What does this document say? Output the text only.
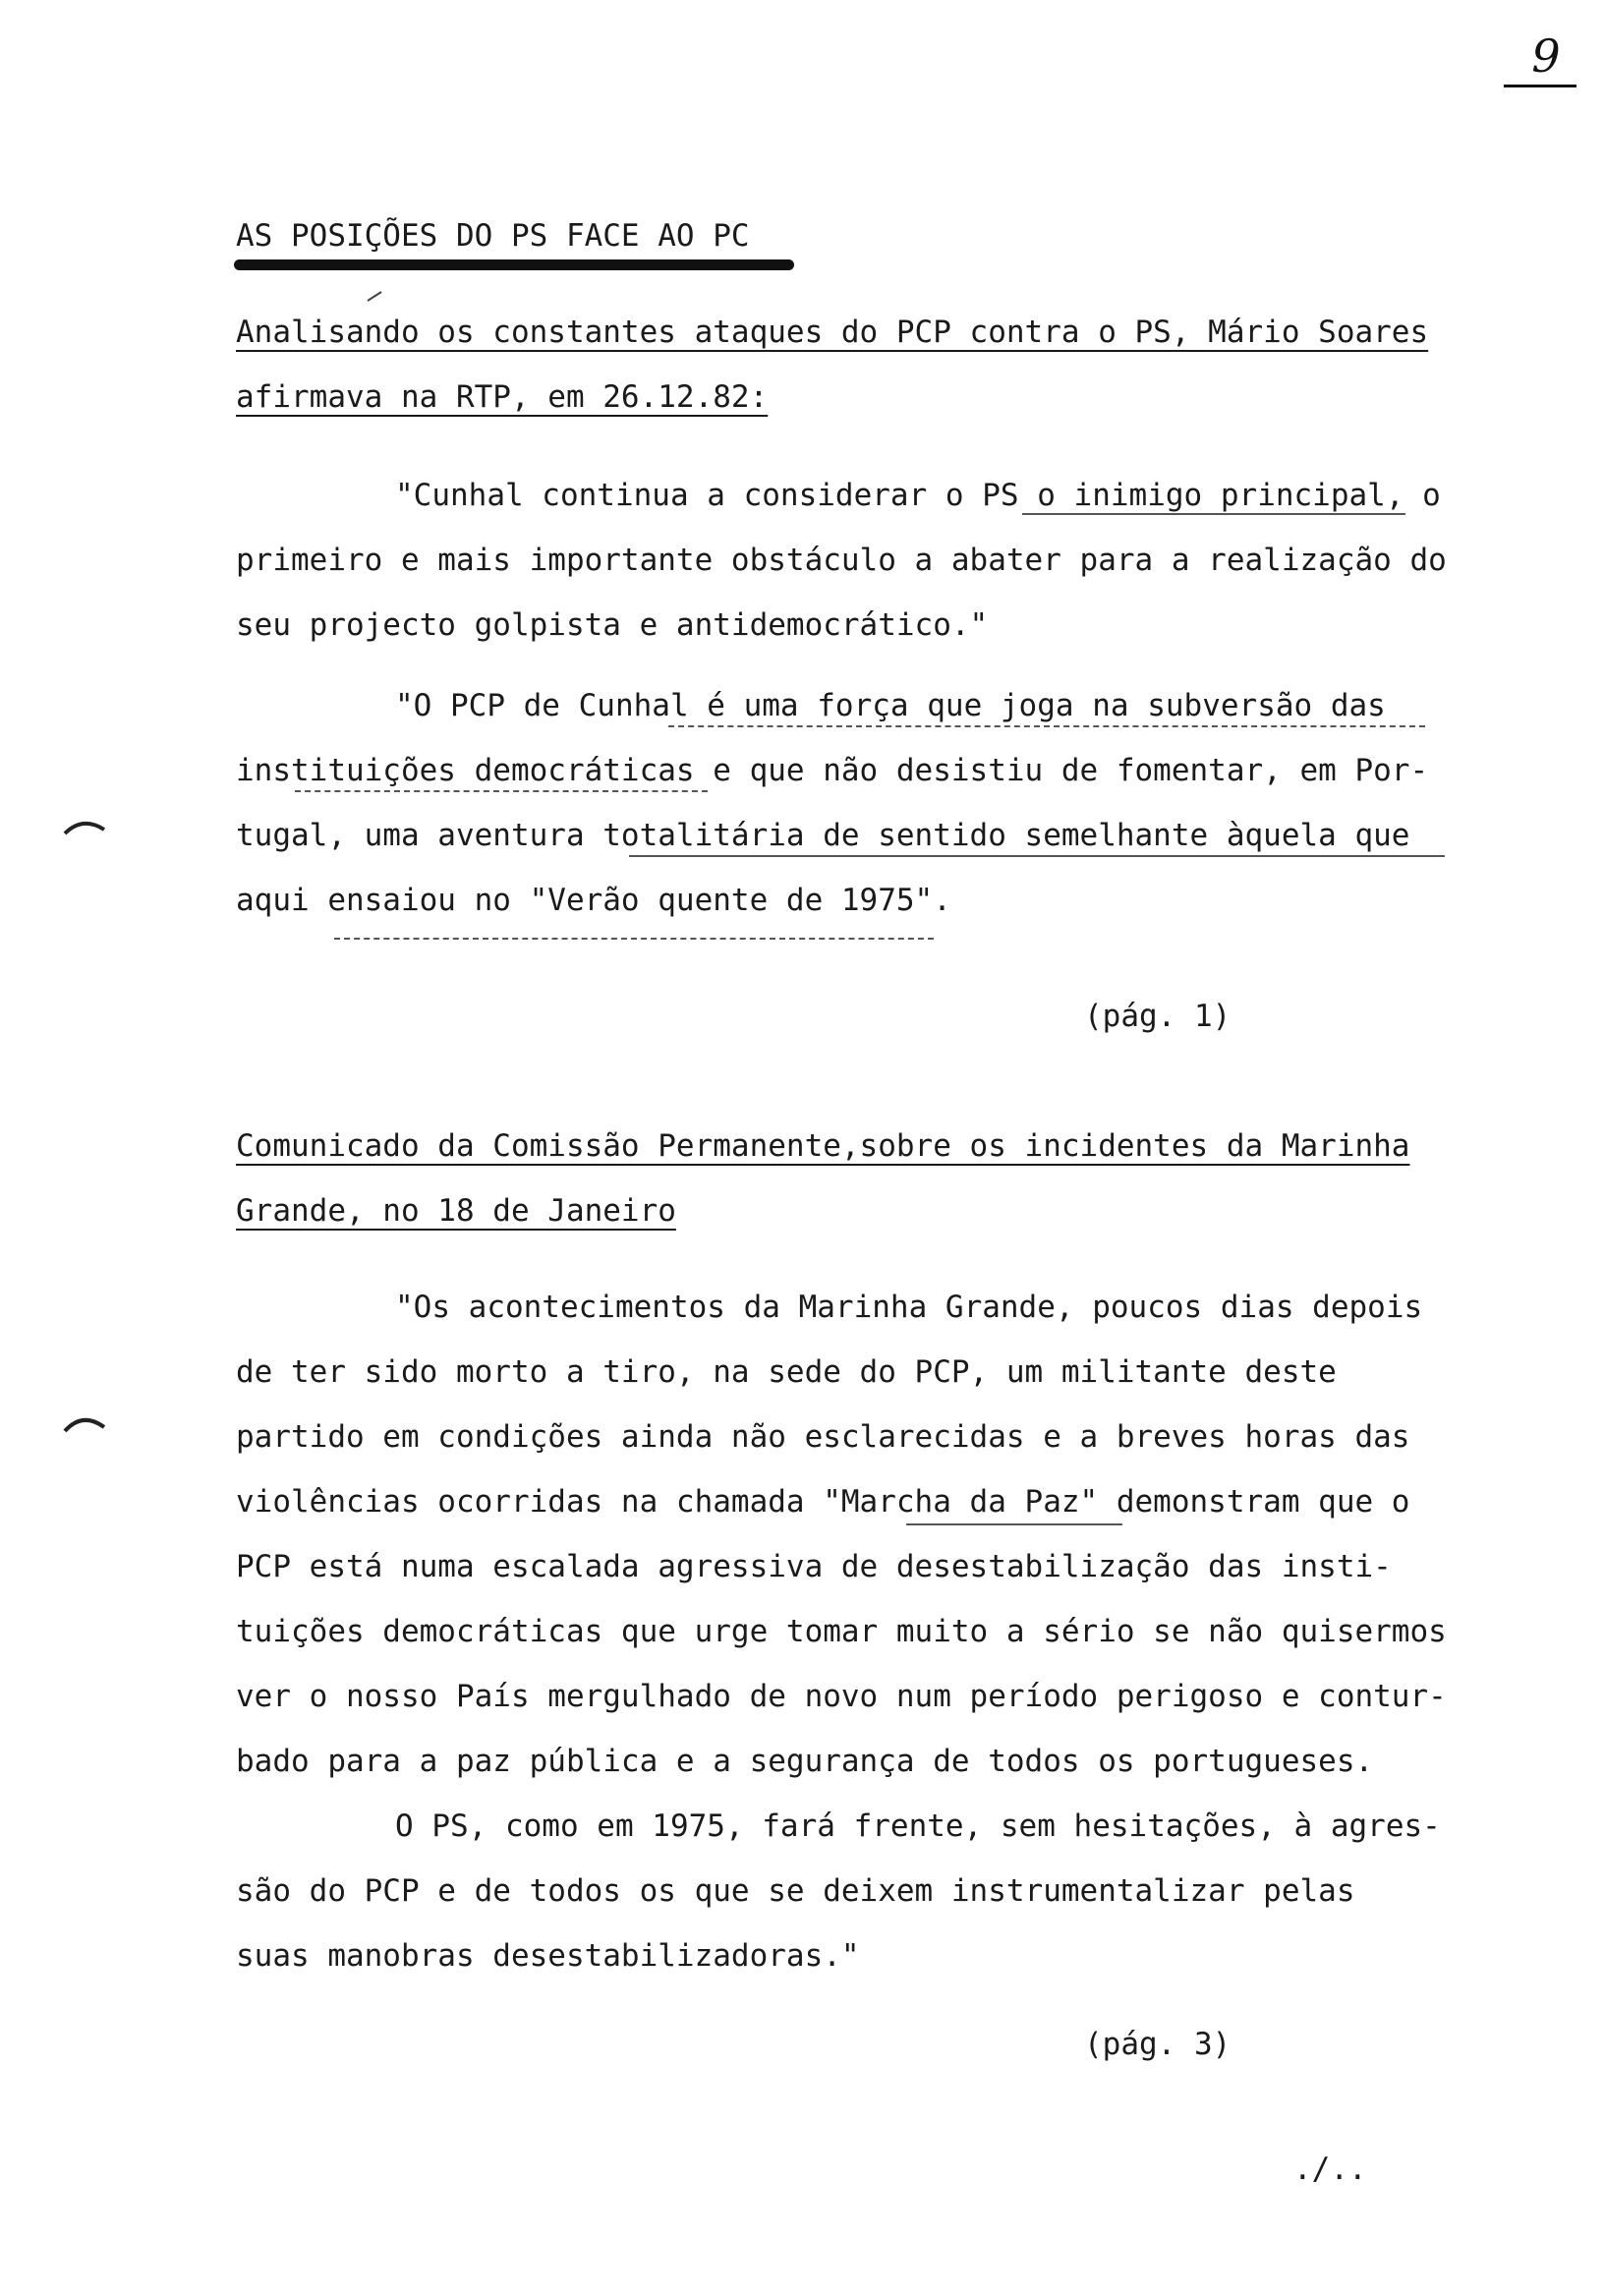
9

AS POSIÇÕES DO PS FACE AO PC

Analisando os constantes ataques do PCP contra o PS, Mário Soares

afirmava na RTP, em 26.12.82:

"Cunhal continua a considerar o PS o inimigo principal, o

primeiro e mais importante obstáculo a abater para a realização do

seu projecto golpista e antidemocrático."

"O PCP de Cunhal é uma força que joga na subversão das

instituições democráticas e que não desistiu de fomentar, em Por-

tugal, uma aventura totalitária de sentido semelhante àquela que

aqui ensaiou no "Verão quente de 1975".

(pág. 1)

Comunicado da Comissão Permanente,sobre os incidentes da Marinha

Grande, no 18 de Janeiro

"Os acontecimentos da Marinha Grande, poucos dias depois

de ter sido morto a tiro, na sede do PCP, um militante deste

partido em condições ainda não esclarecidas e a breves horas das

violências ocorridas na chamada "Marcha da Paz" demonstram que o

PCP está numa escalada agressiva de desestabilização das insti-

tuições democráticas que urge tomar muito a sério se não quisermos

ver o nosso País mergulhado de novo num período perigoso e contur-

bado para a paz pública e a segurança de todos os portugueses.

O PS, como em 1975, fará frente, sem hesitações, à agres-

são do PCP e de todos os que se deixem instrumentalizar pelas

suas manobras desestabilizadoras."

(pág. 3)
./..
